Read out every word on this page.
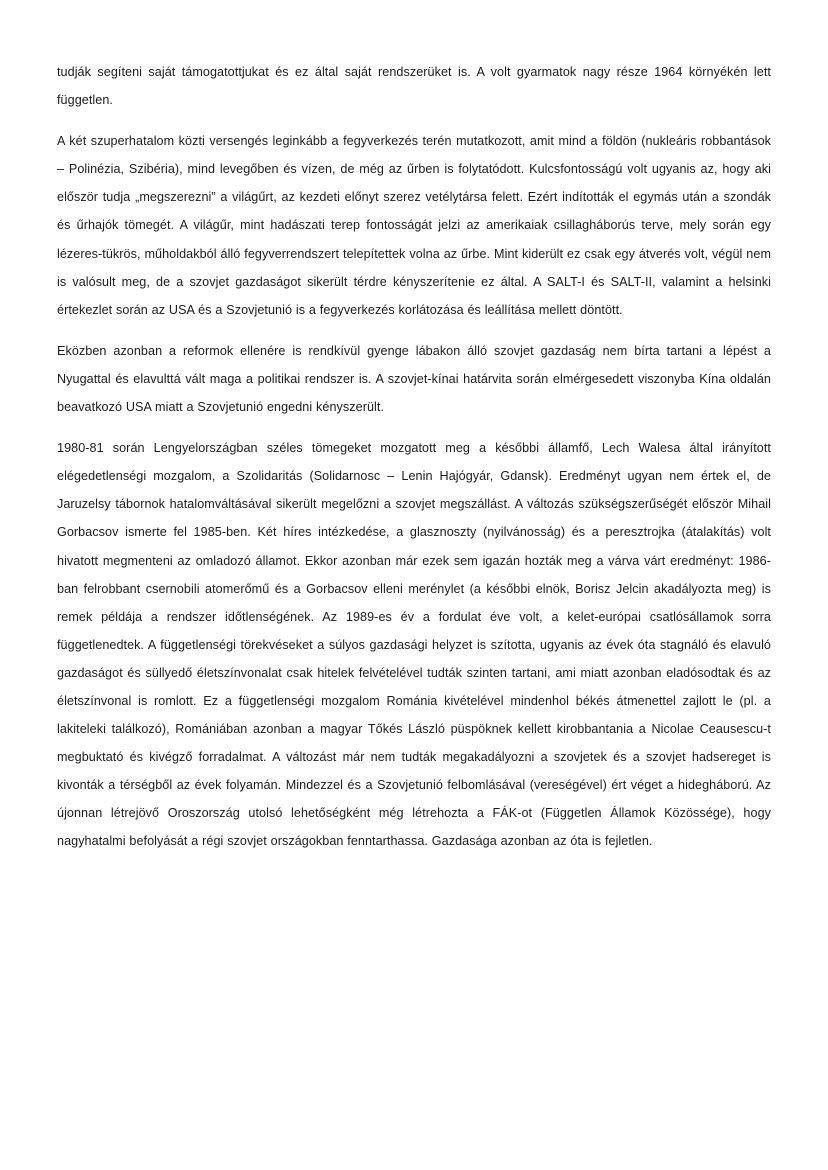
tudják segíteni saját támogatottjukat és ez által saját rendszerüket is. A volt gyarmatok nagy része 1964 környékén lett független.

A két szuperhatalom közti versengés leginkább a fegyverkezés terén mutatkozott, amit mind a földön (nukleáris robbantások – Polinézia, Szibéria), mind levegőben és vízen, de még az űrben is folytatódott. Kulcsfontosságú volt ugyanis az, hogy aki először tudja „megszerezni” a világűrt, az kezdeti előnyt szerez vetélytársa felett. Ezért indították el egymás után a szondák és űrhajók tömegét. A világűr, mint hadászati terep fontosságát jelzi az amerikaiak csillagháborús terve, mely során egy lézeres-tükrös, műholdakból álló fegyverrendszert telepítettek volna az űrbe. Mint kiderült ez csak egy átverés volt, végül nem is valósult meg, de a szovjet gazdaságot sikerült térdre kényszerítenie ez által. A SALT-I és SALT-II, valamint a helsinki értekezlet során az USA és a Szovjetunió is a fegyverkezés korlátozása és leállítása mellett döntött.

Eközben azonban a reformok ellenére is rendkívül gyenge lábakon álló szovjet gazdaság nem bírta tartani a lépést a Nyugattal és elavulttá vált maga a politikai rendszer is. A szovjet-kínai határvita során elmérgesedett viszonyba Kína oldalán beavatkozó USA miatt a Szovjetunió engedni kényszerült.

1980-81 során Lengyelországban széles tömegeket mozgatott meg a későbbi államfő, Lech Walesa által irányított elégedetlenségi mozgalom, a Szolidaritás (Solidarnosc – Lenin Hajógyár, Gdansk). Eredményt ugyan nem értek el, de Jaruzelsy tábornok hatalomváltásával sikerült megelőzni a szovjet megszállást. A változás szükségszerűségét először Mihail Gorbacsov ismerte fel 1985-ben. Két híres intézkedése, a glasznoszty (nyilvánosság) és a peresztrojka (átalakítás) volt hivatott megmenteni az omladozó államot. Ekkor azonban már ezek sem igazán hozták meg a várva várt eredményt: 1986-ban felrobbant csernobili atomerőmű és a Gorbacsov elleni merénylet (a későbbi elnök, Borisz Jelcin akadályozta meg) is remek példája a rendszer időtlenségének. Az 1989-es év a fordulat éve volt, a kelet-európai csatlósállamok sorra függetlenedtek. A függetlenségi törekvéseket a súlyos gazdasági helyzet is szította, ugyanis az évek óta stagnáló és elavuló gazdaságot és süllyedő életszínvonalat csak hitelek felvételével tudták szinten tartani, ami miatt azonban eladósodtak és az életszínvonal is romlott. Ez a függetlenségi mozgalom Románia kivételével mindenhol békés átmenettel zajlott le (pl. a lakiteleki találkozó), Romániában azonban a magyar Tőkés László püspöknek kellett kirobbantania a Nicolae Ceausescu-t megbuktató és kivégző forradalmat. A változást már nem tudták megakadályozni a szovjetek és a szovjet hadsereget is kivonták a térségből az évek folyamán. Mindezzel és a Szovjetunió felbomlásával (vereségével) ért véget a hidegháború. Az újonnan létrejövő Oroszország utolsó lehetőségként még létrehozta a FÁK-ot (Független Államok Közössége), hogy nagyhatalmi befolyását a régi szovjet országokban fenntarthassa. Gazdasága azonban az óta is fejletlen.
